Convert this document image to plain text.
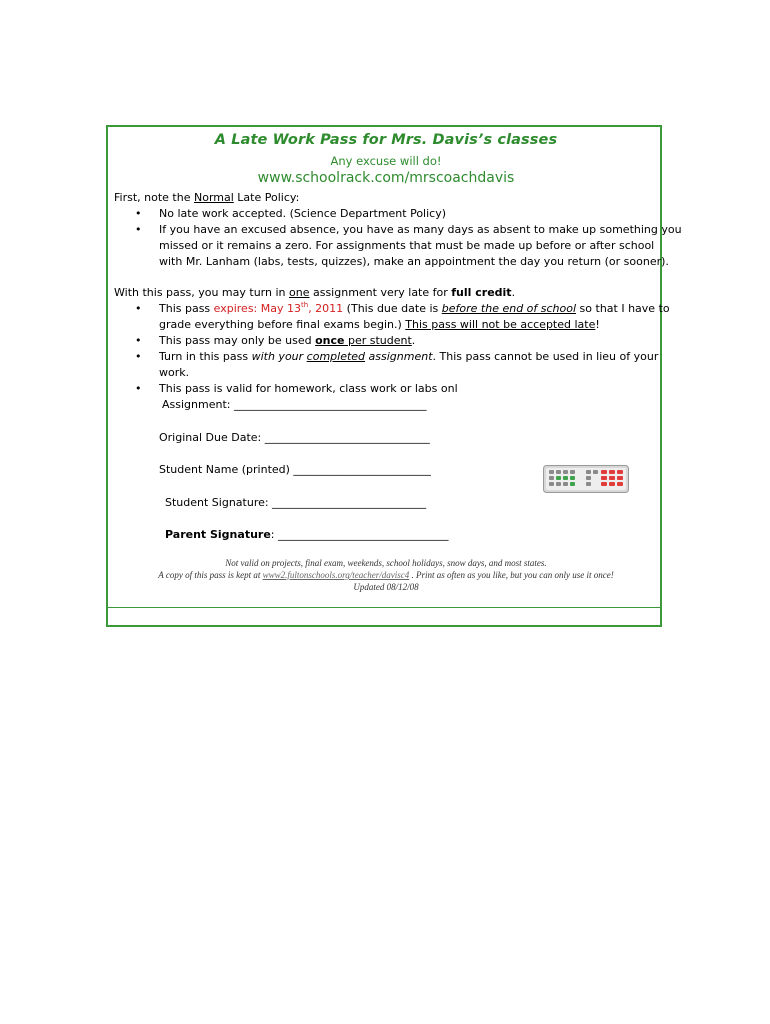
A Late Work Pass for Mrs. Davis’s classes
Any excuse will do!
www.schoolrack.com/mrscoachdavis
First, note the Normal Late Policy:
• No late work accepted. (Science Department Policy)
• If you have an excused absence, you have as many days as absent to make up something you
missed or it remains a zero. For assignments that must be made up before or after school
with Mr. Lanham (labs, tests, quizzes), make an appointment the day you return (or sooner).
With this pass, you may turn in one assignment very late for full credit.
• This pass expires: May 13th, 2011 (This due date is before the end of school so that I have to
grade everything before final exams begin.) This pass will not be accepted late!
• This pass may only be used once per student.
• Turn in this pass with your completed assignment. This pass cannot be used in lieu of your
work.
• This pass is valid for homework, class work or labs onl
Assignment: ___________________________________
Original Due Date: ______________________________
Student Name (printed) _________________________
Student Signature: ____________________________
Parent Signature: _______________________________
Not valid on projects, final exam, weekends, school holidays, snow days, and most states.
A copy of this pass is kept at www2.fultonschools.org/teacher/davisc4 . Print as often as you like, but you can only use it once!
Updated 08/12/08
